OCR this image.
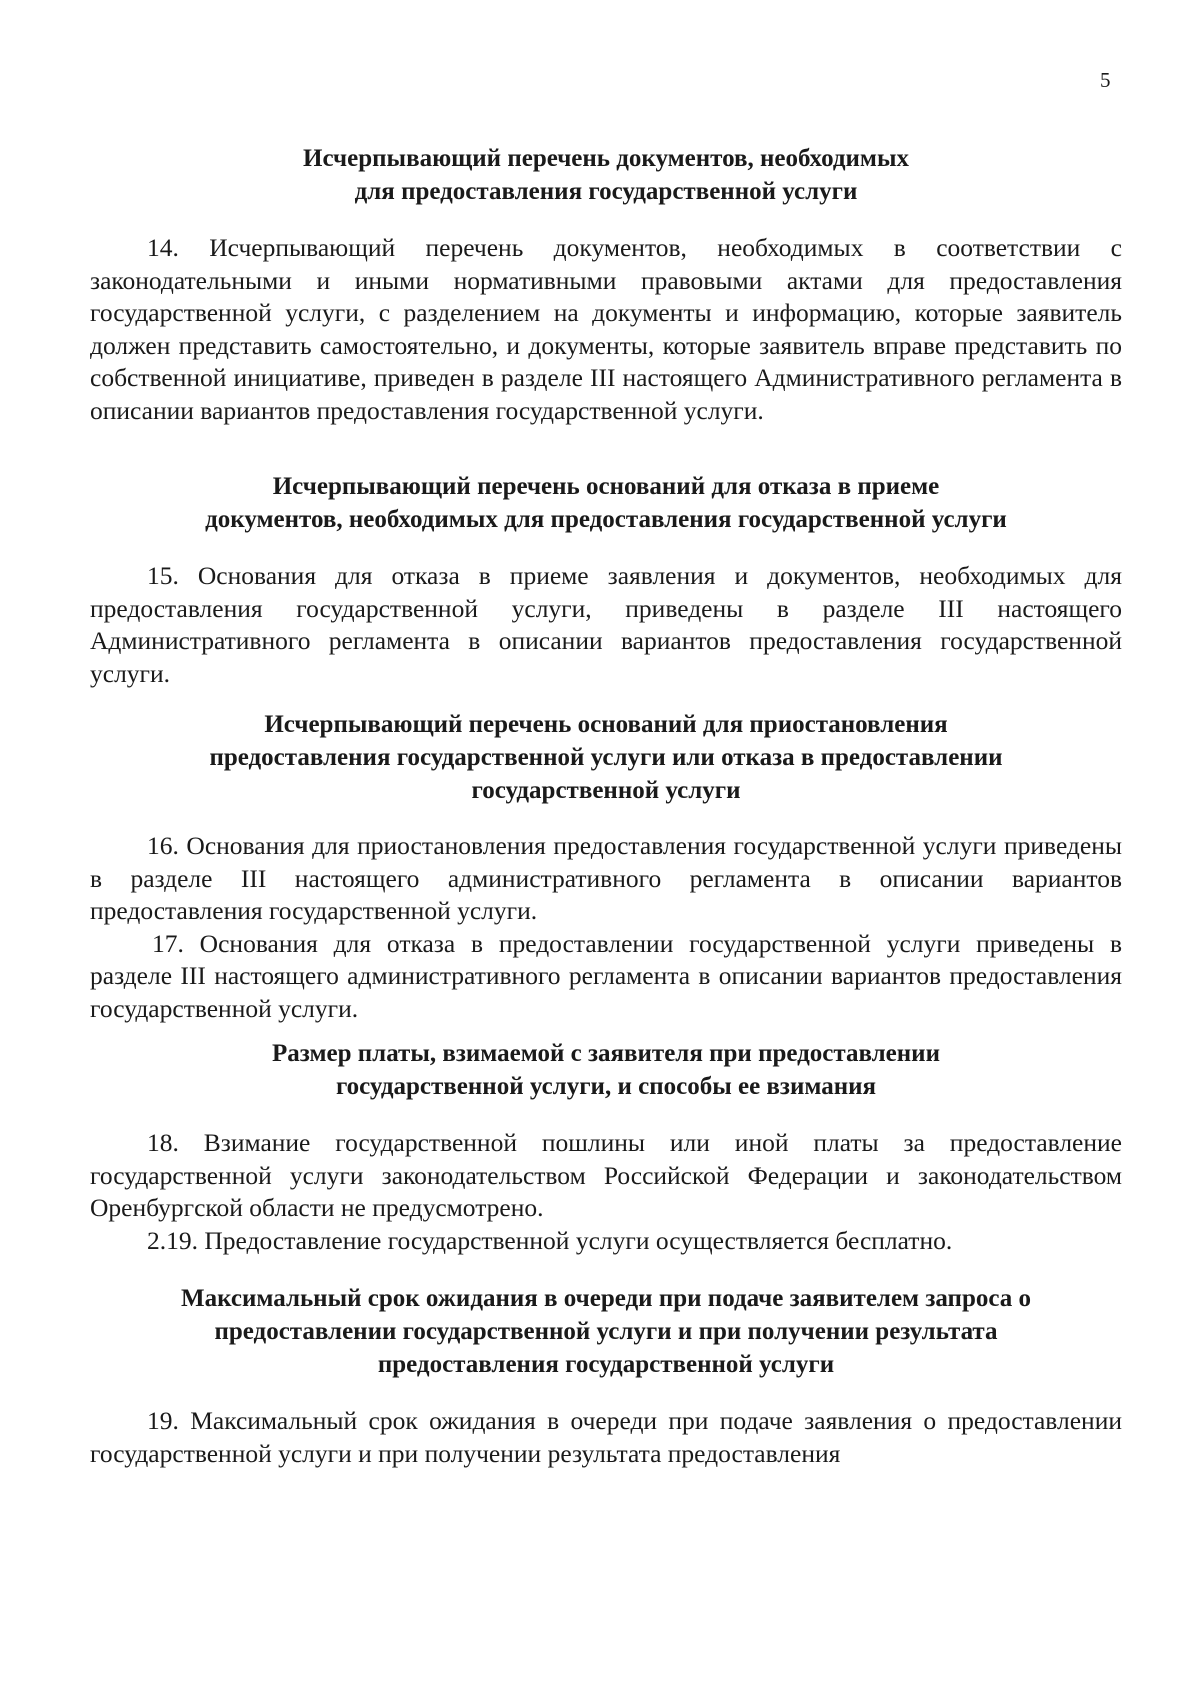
5
Исчерпывающий перечень документов, необходимых
для предоставления государственной услуги

14. Исчерпывающий перечень документов, необходимых в соответствии с законодательными и иными нормативными правовыми актами для предоставления государственной услуги, с разделением на документы и информацию, которые заявитель должен представить самостоятельно, и документы, которые заявитель вправе представить по собственной инициативе, приведен в разделе III настоящего Административного регламента в описании вариантов предоставления государственной услуги.

Исчерпывающий перечень оснований для отказа в приеме
документов, необходимых для предоставления государственной услуги

15. Основания для отказа в приеме заявления и документов, необходимых для предоставления государственной услуги, приведены в разделе III настоящего Административного регламента в описании вариантов предоставления государственной услуги.

Исчерпывающий перечень оснований для приостановления
предоставления государственной услуги или отказа в предоставлении
государственной услуги

16. Основания для приостановления предоставления государственной услуги приведены в разделе III настоящего административного регламента в описании вариантов предоставления государственной услуги.

17. Основания для отказа в предоставлении государственной услуги приведены в разделе III настоящего административного регламента в описании вариантов предоставления государственной услуги.

Размер платы, взимаемой с заявителя при предоставлении
государственной услуги, и способы ее взимания

18. Взимание государственной пошлины или иной платы за предоставление государственной услуги законодательством Российской Федерации и законодательством Оренбургской области не предусмотрено.

2.19. Предоставление государственной услуги осуществляется бесплатно.

Максимальный срок ожидания в очереди при подаче заявителем запроса о
предоставлении государственной услуги и при получении результата
предоставления государственной услуги

19. Максимальный срок ожидания в очереди при подаче заявления о предоставлении государственной услуги и при получении результата предоставления
